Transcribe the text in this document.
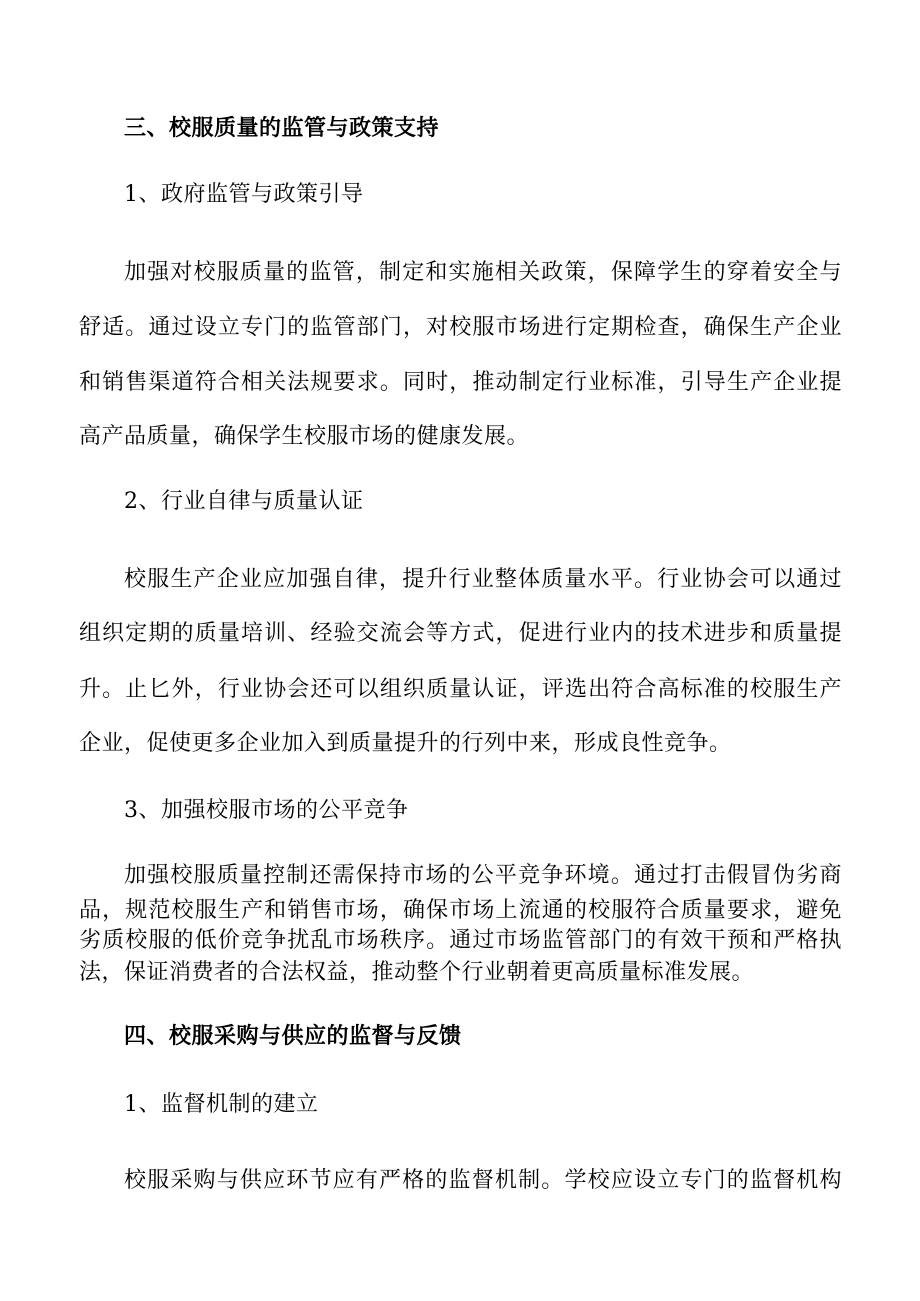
三、校服质量的监管与政策支持
1、政府监管与政策引导
加强对校服质量的监管，制定和实施相关政策，保障学生的穿着安全与
舒适。通过设立专门的监管部门，对校服市场进行定期检查，确保生产企业
和销售渠道符合相关法规要求。同时，推动制定行业标准，引导生产企业提
高产品质量，确保学生校服市场的健康发展。
2、行业自律与质量认证
校服生产企业应加强自律，提升行业整体质量水平。行业协会可以通过
组织定期的质量培训、经验交流会等方式，促进行业内的技术进步和质量提
升。止匕外，行业协会还可以组织质量认证，评选出符合高标准的校服生产
企业，促使更多企业加入到质量提升的行列中来，形成良性竞争。
3、加强校服市场的公平竞争
加强校服质量控制还需保持市场的公平竞争环境。通过打击假冒伪劣商
品，规范校服生产和销售市场，确保市场上流通的校服符合质量要求，避免
劣质校服的低价竞争扰乱市场秩序。通过市场监管部门的有效干预和严格执
法，保证消费者的合法权益，推动整个行业朝着更高质量标准发展。
四、校服采购与供应的监督与反馈
1、监督机制的建立
校服采购与供应环节应有严格的监督机制。学校应设立专门的监督机构
